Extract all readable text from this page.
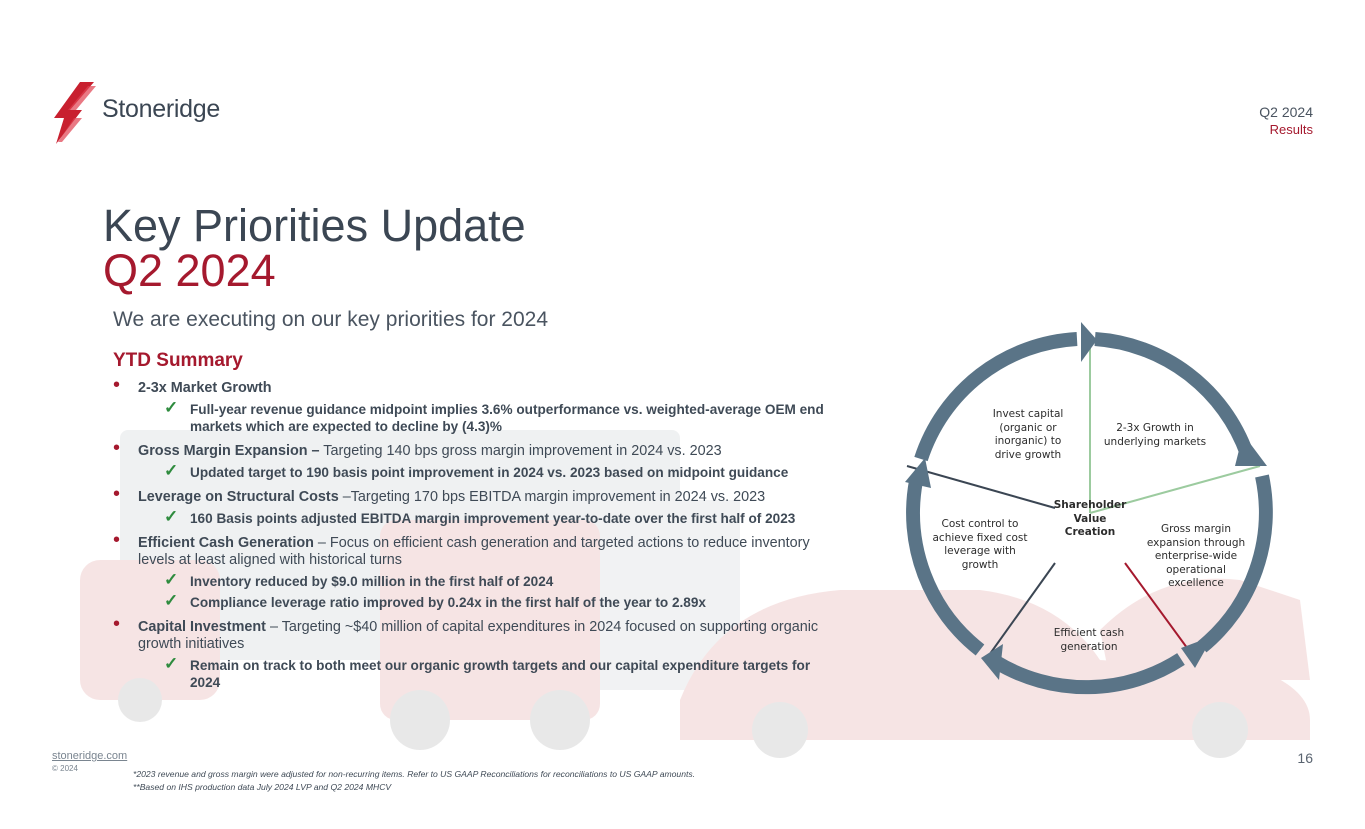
Stoneridge	Q2 2024
Results
Key Priorities Update
Q2 2024
We are executing on our key priorities for 2024
YTD Summary
• 2-3x Market Growth
✓ Full-year revenue guidance midpoint implies 3.6% outperformance vs. weighted-average OEM end markets which are expected to decline by (4.3)%
• Gross Margin Expansion – Targeting 140 bps gross margin improvement in 2024 vs. 2023
✓ Updated target to 190 basis point improvement in 2024 vs. 2023 based on midpoint guidance
• Leverage on Structural Costs –Targeting 170 bps EBITDA margin improvement in 2024 vs. 2023
✓ 160 Basis points adjusted EBITDA margin improvement year-to-date over the first half of 2023
• Efficient Cash Generation – Focus on efficient cash generation and targeted actions to reduce inventory levels at least aligned with historical turns
✓ Inventory reduced by $9.0 million in the first half of 2024
✓ Compliance leverage ratio improved by 0.24x in the first half of the year to 2.89x
• Capital Investment – Targeting ~$40 million of capital expenditures in 2024 focused on supporting organic growth initiatives
✓ Remain on track to both meet our organic growth targets and our capital expenditure targets for 2024
Invest capital (organic or inorganic) to drive growth
2-3x Growth in underlying markets
Gross margin expansion through enterprise-wide operational excellence
Efficient cash generation
Cost control to achieve fixed cost leverage with growth
Shareholder Value Creation
stoneridge.com
© 2024
*2023 revenue and gross margin were adjusted for non-recurring items. Refer to US GAAP Reconciliations for reconciliations to US GAAP amounts.
**Based on IHS production data July 2024 LVP and Q2 2024 MHCV
16
